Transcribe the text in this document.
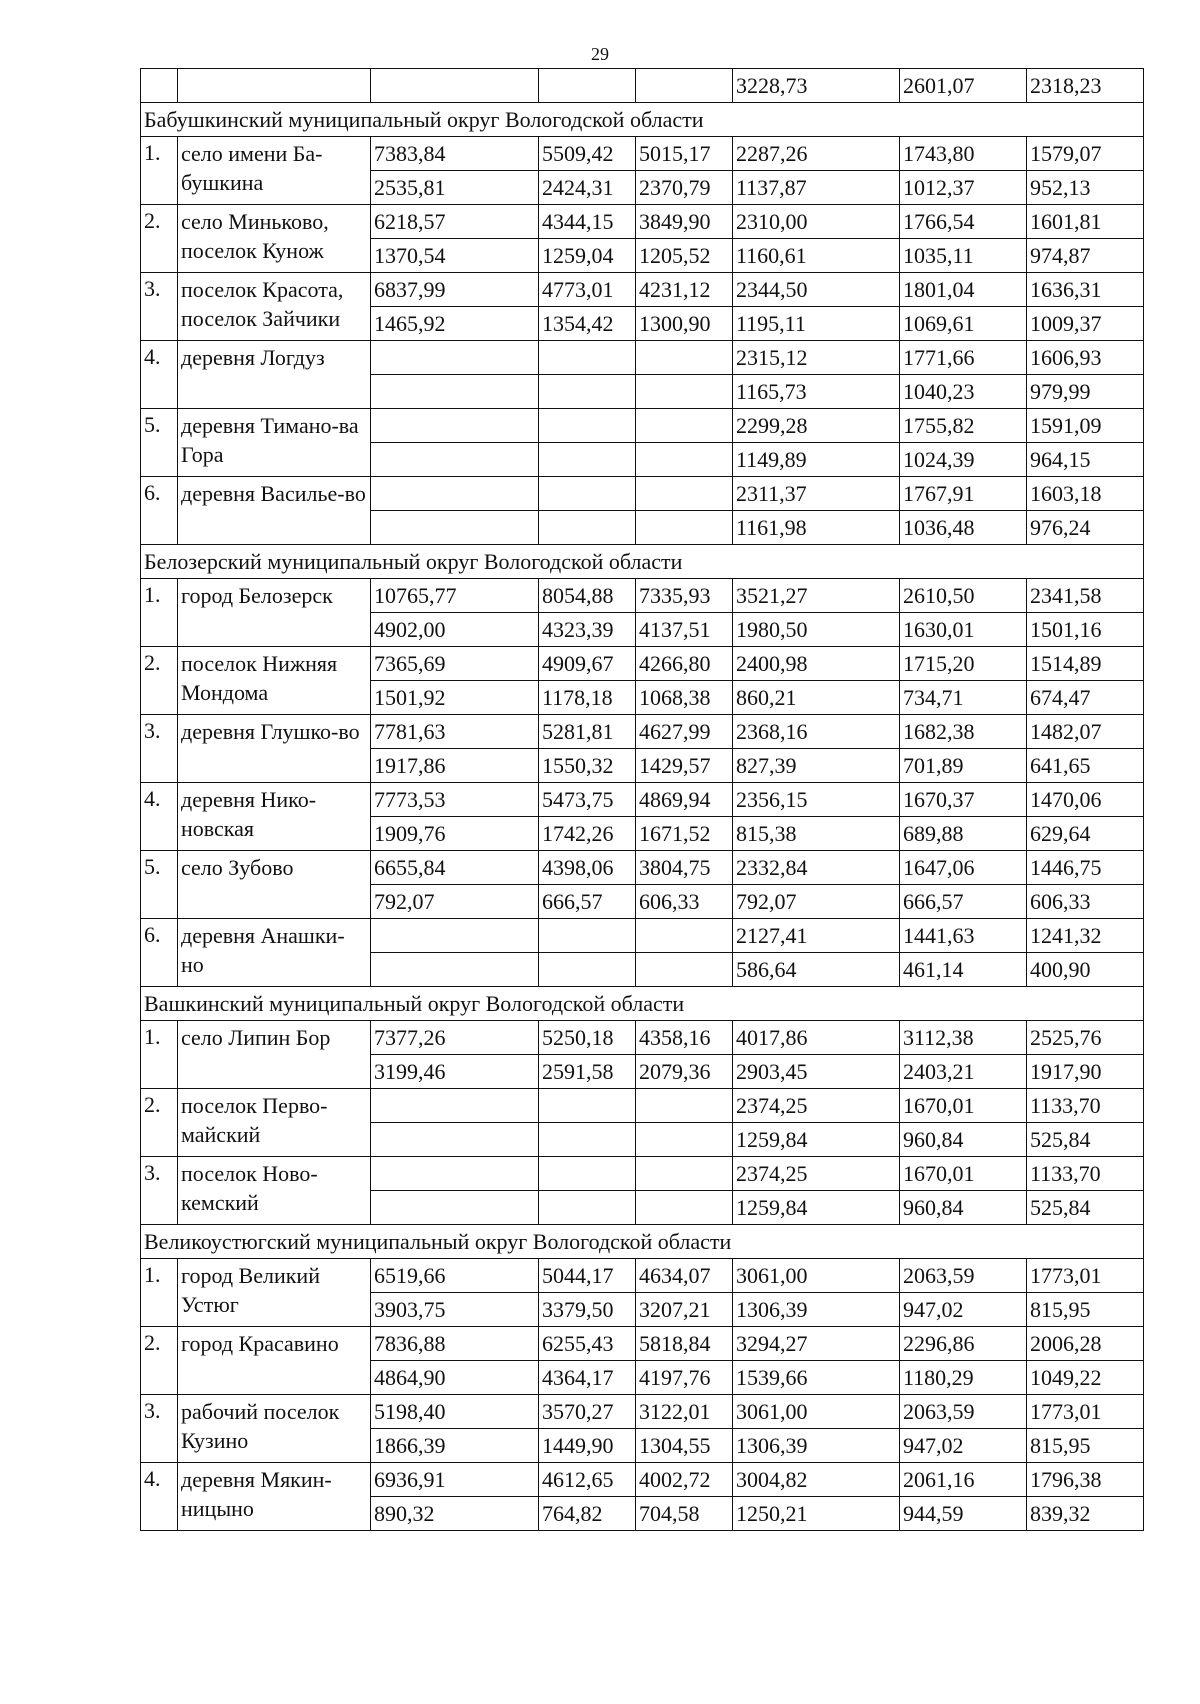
29
					3228,73	2601,07	2318,23
Бабушкинский муниципальный округ Вологодской области							
1.	село имени Ба-бушкина	7383,84	5509,42	5015,17	2287,26	1743,80	1579,07
		2535,81	2424,31	2370,79	1137,87	1012,37	952,13
2.	село Миньково, поселок Кунож	6218,57	4344,15	3849,90	2310,00	1766,54	1601,81
		1370,54	1259,04	1205,52	1160,61	1035,11	974,87
3.	поселок Красота, поселок Зайчики	6837,99	4773,01	4231,12	2344,50	1801,04	1636,31
		1465,92	1354,42	1300,90	1195,11	1069,61	1009,37
4.	деревня Логдуз				2315,12	1771,66	1606,93
					1165,73	1040,23	979,99
5.	деревня Тимано-ва Гора				2299,28	1755,82	1591,09
					1149,89	1024,39	964,15
6.	деревня Василье-во				2311,37	1767,91	1603,18
					1161,98	1036,48	976,24
Белозерский муниципальный округ Вологодской области							
1.	город Белозерск	10765,77	8054,88	7335,93	3521,27	2610,50	2341,58
		4902,00	4323,39	4137,51	1980,50	1630,01	1501,16
2.	поселок Нижняя Мондома	7365,69	4909,67	4266,80	2400,98	1715,20	1514,89
		1501,92	1178,18	1068,38	860,21	734,71	674,47
3.	деревня Глушко-во	7781,63	5281,81	4627,99	2368,16	1682,38	1482,07
		1917,86	1550,32	1429,57	827,39	701,89	641,65
4.	деревня Нико-новская	7773,53	5473,75	4869,94	2356,15	1670,37	1470,06
		1909,76	1742,26	1671,52	815,38	689,88	629,64
5.	село Зубово	6655,84	4398,06	3804,75	2332,84	1647,06	1446,75
		792,07	666,57	606,33	792,07	666,57	606,33
6.	деревня Анашки-но				2127,41	1441,63	1241,32
					586,64	461,14	400,90
Вашкинский муниципальный округ Вологодской области							
1.	село Липин Бор	7377,26	5250,18	4358,16	4017,86	3112,38	2525,76
		3199,46	2591,58	2079,36	2903,45	2403,21	1917,90
2.	поселок Перво-майский				2374,25	1670,01	1133,70
					1259,84	960,84	525,84
3.	поселок Ново-кемский				2374,25	1670,01	1133,70
					1259,84	960,84	525,84
Великоустюгский муниципальный округ Вологодской области							
1.	город Великий Устюг	6519,66	5044,17	4634,07	3061,00	2063,59	1773,01
		3903,75	3379,50	3207,21	1306,39	947,02	815,95
2.	город Красавино	7836,88	6255,43	5818,84	3294,27	2296,86	2006,28
		4864,90	4364,17	4197,76	1539,66	1180,29	1049,22
3.	рабочий поселок Кузино	5198,40	3570,27	3122,01	3061,00	2063,59	1773,01
		1866,39	1449,90	1304,55	1306,39	947,02	815,95
4.	деревня Мякин-ницыно	6936,91	4612,65	4002,72	3004,82	2061,16	1796,38
		890,32	764,82	704,58	1250,21	944,59	839,32
